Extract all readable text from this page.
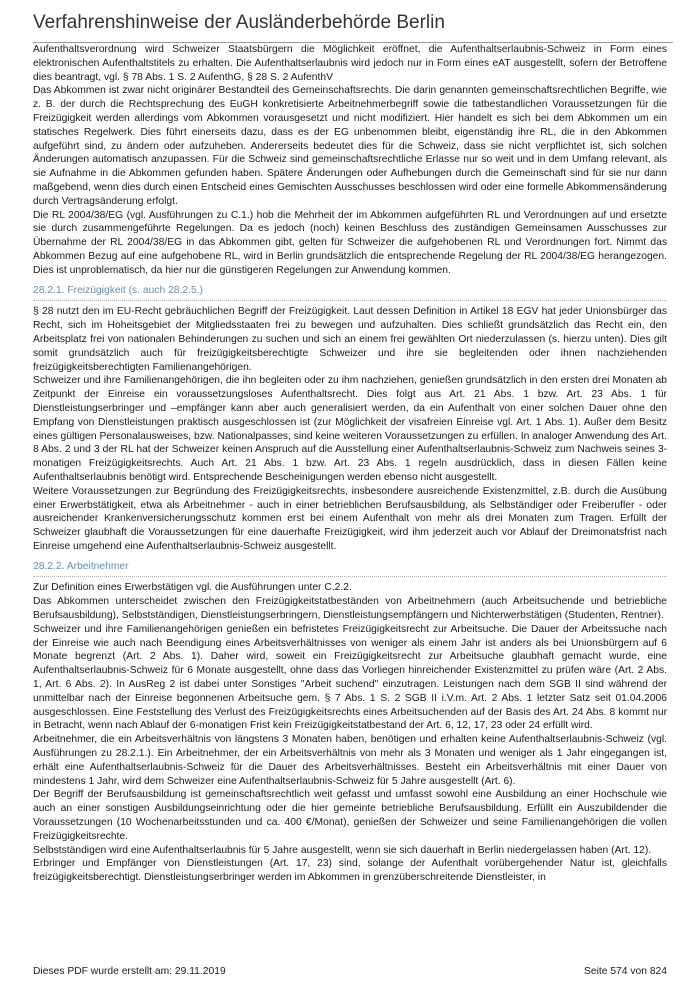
Verfahrenshinweise der Ausländerbehörde Berlin

Aufenthaltsverordnung wird Schweizer Staatsbürgern die Möglichkeit eröffnet, die Aufenthaltserlaubnis-Schweiz in Form eines elektronischen Aufenthaltstitels zu erhalten. Die Aufenthaltserlaubnis wird jedoch nur in Form eines eAT ausgestellt, sofern der Betroffene dies beantragt, vgl. § 78 Abs. 1 S. 2 AufenthG, § 28 S. 2 AufenthV

Das Abkommen ist zwar nicht originärer Bestandteil des Gemeinschaftsrechts. Die darin genannten gemeinschaftsrechtlichen Begriffe, wie z. B. der durch die Rechtsprechung des EuGH konkretisierte Arbeitnehmerbegriff sowie die tatbestandlichen Voraussetzungen für die Freizügigkeit werden allerdings vom Abkommen vorausgesetzt und nicht modifiziert. Hier handelt es sich bei dem Abkommen um ein statisches Regelwerk. Dies führt einerseits dazu, dass es der EG unbenommen bleibt, eigenständig ihre RL, die in den Abkommen aufgeführt sind, zu ändern oder aufzuheben. Andererseits bedeutet dies für die Schweiz, dass sie nicht verpflichtet ist, sich solchen Änderungen automatisch anzupassen. Für die Schweiz sind gemeinschaftsrechtliche Erlasse nur so weit und in dem Umfang relevant, als sie Aufnahme in die Abkommen gefunden haben. Spätere Änderungen oder Aufhebungen durch die Gemeinschaft sind für sie nur dann maßgebend, wenn dies durch einen Entscheid eines Gemischten Ausschusses beschlossen wird oder eine formelle Abkommensänderung durch Vertragsänderung erfolgt.

Die RL 2004/38/EG (vgl. Ausführungen zu C.1.) hob die Mehrheit der im Abkommen aufgeführten RL und Verordnungen auf und ersetzte sie durch zusammengeführte Regelungen. Da es jedoch (noch) keinen Beschluss des zuständigen Gemeinsamen Ausschusses zur Übernahme der RL 2004/38/EG in das Abkommen gibt, gelten für Schweizer die aufgehobenen RL und Verordnungen fort. Nimmt das Abkommen Bezug auf eine aufgehobene RL, wird in Berlin grundsätzlich die entsprechende Regelung der RL 2004/38/EG herangezogen. Dies ist unproblematisch, da hier nur die günstigeren Regelungen zur Anwendung kommen.

28.2.1. Freizügigkeit (s. auch 28.2.5.)

§ 28 nutzt den im EU-Recht gebräuchlichen Begriff der Freizügigkeit. Laut dessen Definition in Artikel 18 EGV hat jeder Unionsbürger das Recht, sich im Hoheitsgebiet der Mitgliedsstaaten frei zu bewegen und aufzuhalten. Dies schließt grundsätzlich das Recht ein, den Arbeitsplatz frei von nationalen Behinderungen zu suchen und sich an einem frei gewählten Ort niederzulassen (s. hierzu unten). Dies gilt somit grundsätzlich auch für freizügigkeitsberechtigte Schweizer und ihre sie begleitenden oder ihnen nachziehenden freizügigkeitsberechtigten Familienangehörigen.

Schweizer und ihre Familienangehörigen, die ihn begleiten oder zu ihm nachziehen, genießen grundsätzlich in den ersten drei Monaten ab Zeitpunkt der Einreise ein voraussetzungsloses Aufenthaltsrecht. Dies folgt aus Art. 21 Abs. 1 bzw. Art. 23 Abs. 1 für Dienstleistungserbringer und –empfänger kann aber auch generalisiert werden, da ein Aufenthalt von einer solchen Dauer ohne den Empfang von Dienstleistungen praktisch ausgeschlossen ist (zur Möglichkeit der visafreien Einreise vgl. Art. 1 Abs. 1). Außer dem Besitz eines gültigen Personalausweises, bzw. Nationalpasses, sind keine weiteren Voraussetzungen zu erfüllen. In analoger Anwendung des Art. 8 Abs. 2 und 3 der RL hat der Schweizer keinen Anspruch auf die Ausstellung einer Aufenthaltserlaubnis-Schweiz zum Nachweis seines 3-monatigen Freizügigkeitsrechts. Auch Art. 21 Abs. 1 bzw. Art. 23 Abs. 1 regeln ausdrücklich, dass in diesen Fällen keine Aufenthaltserlaubnis benötigt wird. Entsprechende Bescheinigungen werden ebenso nicht ausgestellt.

Weitere Voraussetzungen zur Begründung des Freizügigkeitsrechts, insbesondere ausreichende Existenzmittel, z.B. durch die Ausübung einer Erwerbstätigkeit, etwa als Arbeitnehmer - auch in einer betrieblichen Berufsausbildung, als Selbständiger oder Freiberufler - oder ausreichender Krankenversicherungsschutz kommen erst bei einem Aufenthalt von mehr als drei Monaten zum Tragen. Erfüllt der Schweizer glaubhaft die Voraussetzungen für eine dauerhafte Freizügigkeit, wird ihm jederzeit auch vor Ablauf der Dreimonatsfrist nach Einreise umgehend eine Aufenthaltserlaubnis-Schweiz ausgestellt.

28.2.2. Arbeitnehmer

Zur Definition eines Erwerbstätigen vgl. die Ausführungen unter C.2.2.

Das Abkommen unterscheidet zwischen den Freizügigkeitstatbeständen von Arbeitnehmern (auch Arbeitsuchende und betriebliche Berufsausbildung), Selbstständigen, Dienstleistungserbringern, Dienstleistungsempfängern und Nichterwerbstätigen (Studenten, Rentner).

Schweizer und ihre Familienangehörigen genießen ein befristetes Freizügigkeitsrecht zur Arbeitsuche. Die Dauer der Arbeitssuche nach der Einreise wie auch nach Beendigung eines Arbeitsverhältnisses von weniger als einem Jahr ist anders als bei Unionsbürgern auf 6 Monate begrenzt (Art. 2 Abs. 1). Daher wird, soweit ein Freizügigkeitsrecht zur Arbeitsuche glaubhaft gemacht wurde, eine Aufenthaltserlaubnis-Schweiz für 6 Monate ausgestellt, ohne dass das Vorliegen hinreichender Existenzmittel zu prüfen wäre (Art. 2 Abs. 1, Art. 6 Abs. 2). In AusReg 2 ist dabei unter Sonstiges "Arbeit suchend" einzutragen. Leistungen nach dem SGB II sind während der unmittelbar nach der Einreise begonnenen Arbeitsuche gem. § 7 Abs. 1 S. 2 SGB II i.V.m. Art. 2 Abs. 1 letzter Satz seit 01.04.2006 ausgeschlossen. Eine Feststellung des Verlust des Freizügigkeitsrechts eines Arbeitsuchenden auf der Basis des Art. 24 Abs. 8 kommt nur in Betracht, wenn nach Ablauf der 6-monatigen Frist kein Freizügigkeitstatbestand der Art. 6, 12, 17, 23 oder 24 erfüllt wird.

Arbeitnehmer, die ein Arbeitsverhältnis von längstens 3 Monaten haben, benötigen und erhalten keine Aufenthaltserlaubnis-Schweiz (vgl. Ausführungen zu 28.2.1.). Ein Arbeitnehmer, der ein Arbeitsverhältnis von mehr als 3 Monaten und weniger als 1 Jahr eingegangen ist, erhält eine Aufenthaltserlaubnis-Schweiz für die Dauer des Arbeitsverhältnisses. Besteht ein Arbeitsverhältnis mit einer Dauer von mindestens 1 Jahr, wird dem Schweizer eine Aufenthaltserlaubnis-Schweiz für 5 Jahre ausgestellt (Art. 6).

Der Begriff der Berufsausbildung ist gemeinschaftsrechtlich weit gefasst und umfasst sowohl eine Ausbildung an einer Hochschule wie auch an einer sonstigen Ausbildungseinrichtung oder die hier gemeinte betriebliche Berufsausbildung. Erfüllt ein Auszubildender die Voraussetzungen (10 Wochenarbeitsstunden und ca. 400 €/Monat), genießen der Schweizer und seine Familienangehörigen die vollen Freizügigkeitsrechte.

Selbstständigen wird eine Aufenthaltserlaubnis für 5 Jahre ausgestellt, wenn sie sich dauerhaft in Berlin niedergelassen haben (Art. 12).

Erbringer und Empfänger von Dienstleistungen (Art. 17, 23) sind, solange der Aufenthalt vorübergehender Natur ist, gleichfalls freizügigkeitsberechtigt. Dienstleistungserbringer werden im Abkommen in grenzüberschreitende Dienstleister, in

Dieses PDF wurde erstellt am: 29.11.2019	Seite 574 von 824
